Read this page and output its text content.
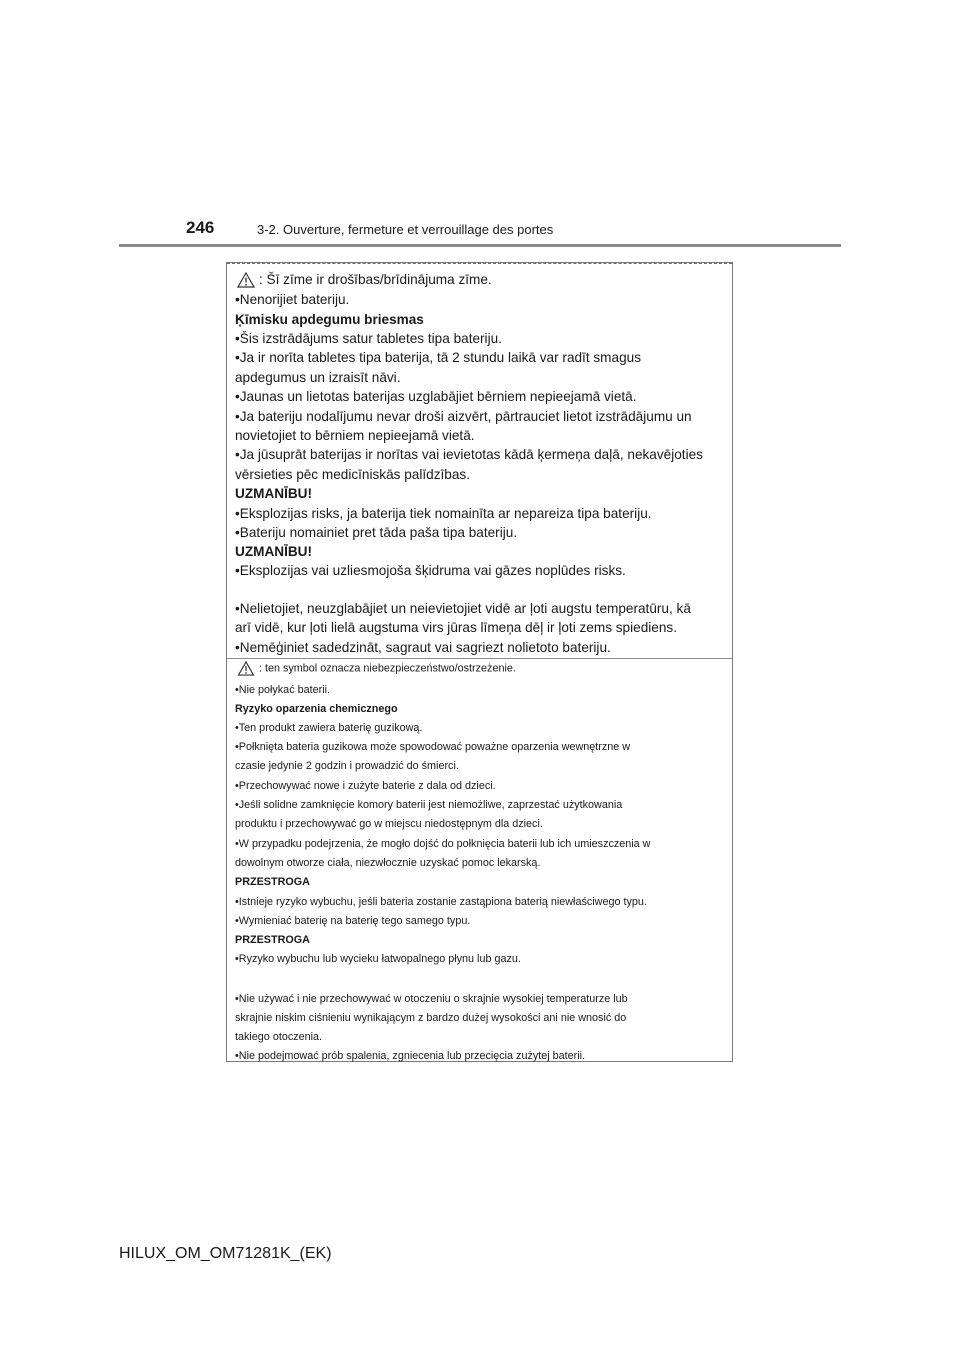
246	3-2. Ouverture, fermeture et verrouillage des portes
: Šī zīme ir drošības/brīdinājuma zīme.
•Nenorijiet bateriju.
Ķīmisku apdegumu briesmas
•Šis izstrādājums satur tabletes tipa bateriju.
•Ja ir norīta tabletes tipa baterija, tā 2 stundu laikā var radīt smagus
apdegumus un izraisīt nāvi.
•Jaunas un lietotas baterijas uzglabājiet bērniem nepieejamā vietā.
•Ja bateriju nodalījumu nevar droši aizvērt, pārtrauciet lietot izstrādājumu un
novietojiet to bērniem nepieejamā vietā.
•Ja jūsuprāt baterijas ir norītas vai ievietotas kādā ķermeņa daļā, nekavējoties
vērsieties pēc medicīniskās palīdzības.
UZMANĪBU!
•Eksplozijas risks, ja baterija tiek nomainīta ar nepareiza tipa bateriju.
•Bateriju nomainiet pret tāda paša tipa bateriju.
UZMANĪBU!
•Eksplozijas vai uzliesmojoša šķidruma vai gāzes noplūdes risks.
•Nelietojiet, neuzglabājiet un neievietojiet vidē ar ļoti augstu temperatūru, kā
arī vidē, kur ļoti lielā augstuma virs jūras līmeņa dēļ ir ļoti zems spiediens.
•Nemēģiniet sadedzināt, sagraut vai sagriezt nolietoto bateriju.
: ten symbol oznacza niebezpieczeństwo/ostrzeżenie.
•Nie połykać baterii.
Ryzyko oparzenia chemicznego
•Ten produkt zawiera baterię guzikową.
•Połknięta bateria guzikowa może spowodować poważne oparzenia wewnętrzne w
czasie jedynie 2 godzin i prowadzić do śmierci.
•Przechowywać nowe i zużyte baterie z dala od dzieci.
•Jeśli solidne zamknięcie komory baterii jest niemożliwe, zaprzestać użytkowania
produktu i przechowywać go w miejscu niedostępnym dla dzieci.
•W przypadku podejrzenia, że mogło dojść do połknięcia baterii lub ich umieszczenia w
dowolnym otworze ciała, niezwłocznie uzyskać pomoc lekarską.
PRZESTROGA
•Istnieje ryzyko wybuchu, jeśli bateria zostanie zastąpiona baterią niewłaściwego typu.
•Wymieniać baterię na baterię tego samego typu.
PRZESTROGA
•Ryzyko wybuchu lub wycieku łatwopalnego płynu lub gazu.
•Nie używać i nie przechowywać w otoczeniu o skrajnie wysokiej temperaturze lub
skrajnie niskim ciśnieniu wynikającym z bardzo dużej wysokości ani nie wnosić do
takiego otoczenia.
•Nie podejmować prób spalenia, zgniecenia lub przecięcia zużytej baterii.
HILUX_OM_OM71281K_(EK)
